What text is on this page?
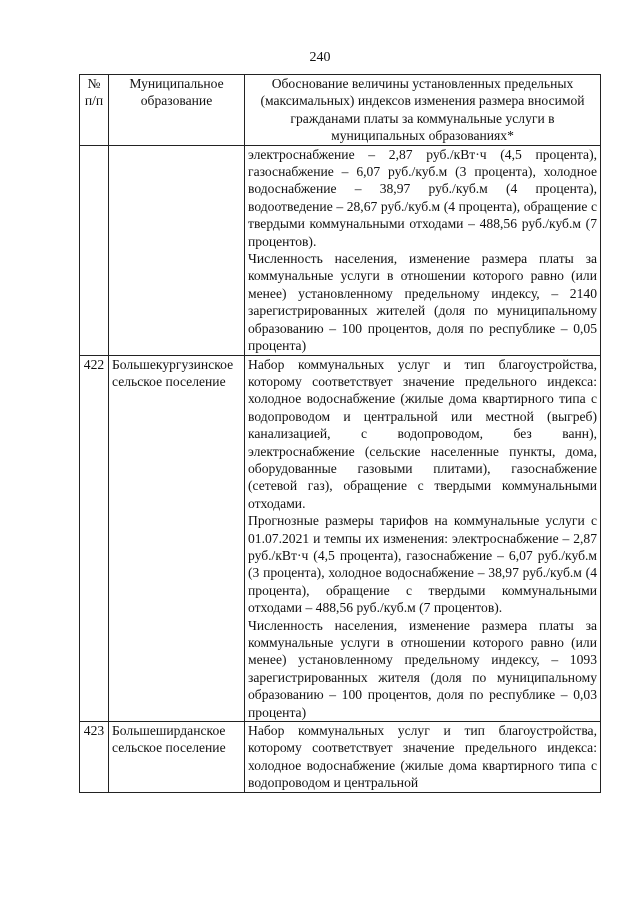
240
№
п/п	Муниципальное образование	Обоснование величины установленных предельных (максимальных) индексов изменения размера вносимой гражданами платы за коммунальные услуги в муниципальных образованиях*

		электроснабжение – 2,87 руб./кВт·ч (4,5 процента), газоснабжение – 6,07 руб./куб.м (3 процента), холодное водоснабжение – 38,97 руб./куб.м (4 процента), водоотведение – 28,67 руб./куб.м (4 процента), обращение с твердыми коммунальными отходами – 488,56 руб./куб.м (7 процентов).

Численность населения, изменение размера платы за коммунальные услуги в отношении которого равно (или менее) установленному предельному индексу, – 2140 зарегистрированных жителей (доля по муниципальному образованию – 100 процентов, доля по республике – 0,05 процента)

422	Большекургузинское сельское поселение	Набор коммунальных услуг и тип благоустройства, которому соответствует значение предельного индекса: холодное водоснабжение (жилые дома квартирного типа с водопроводом и центральной или местной (выгреб) канализацией, с водопроводом, без ванн), электроснабжение (сельские населенные пункты, дома, оборудованные газовыми плитами), газоснабжение (сетевой газ), обращение с твердыми коммунальными отходами.

Прогнозные размеры тарифов на коммунальные услуги с 01.07.2021 и темпы их изменения: электроснабжение – 2,87 руб./кВт·ч (4,5 процента), газоснабжение – 6,07 руб./куб.м (3 процента), холодное водоснабжение – 38,97 руб./куб.м (4 процента), обращение с твердыми коммунальными отходами – 488,56 руб./куб.м (7 процентов).

Численность населения, изменение размера платы за коммунальные услуги в отношении которого равно (или менее) установленному предельному индексу, – 1093 зарегистрированных жителя (доля по муниципальному образованию – 100 процентов, доля по республике – 0,03 процента)

423	Большеширданское сельское поселение	Набор коммунальных услуг и тип благоустройства, которому соответствует значение предельного индекса: холодное водоснабжение (жилые дома квартирного типа с водопроводом и центральной
